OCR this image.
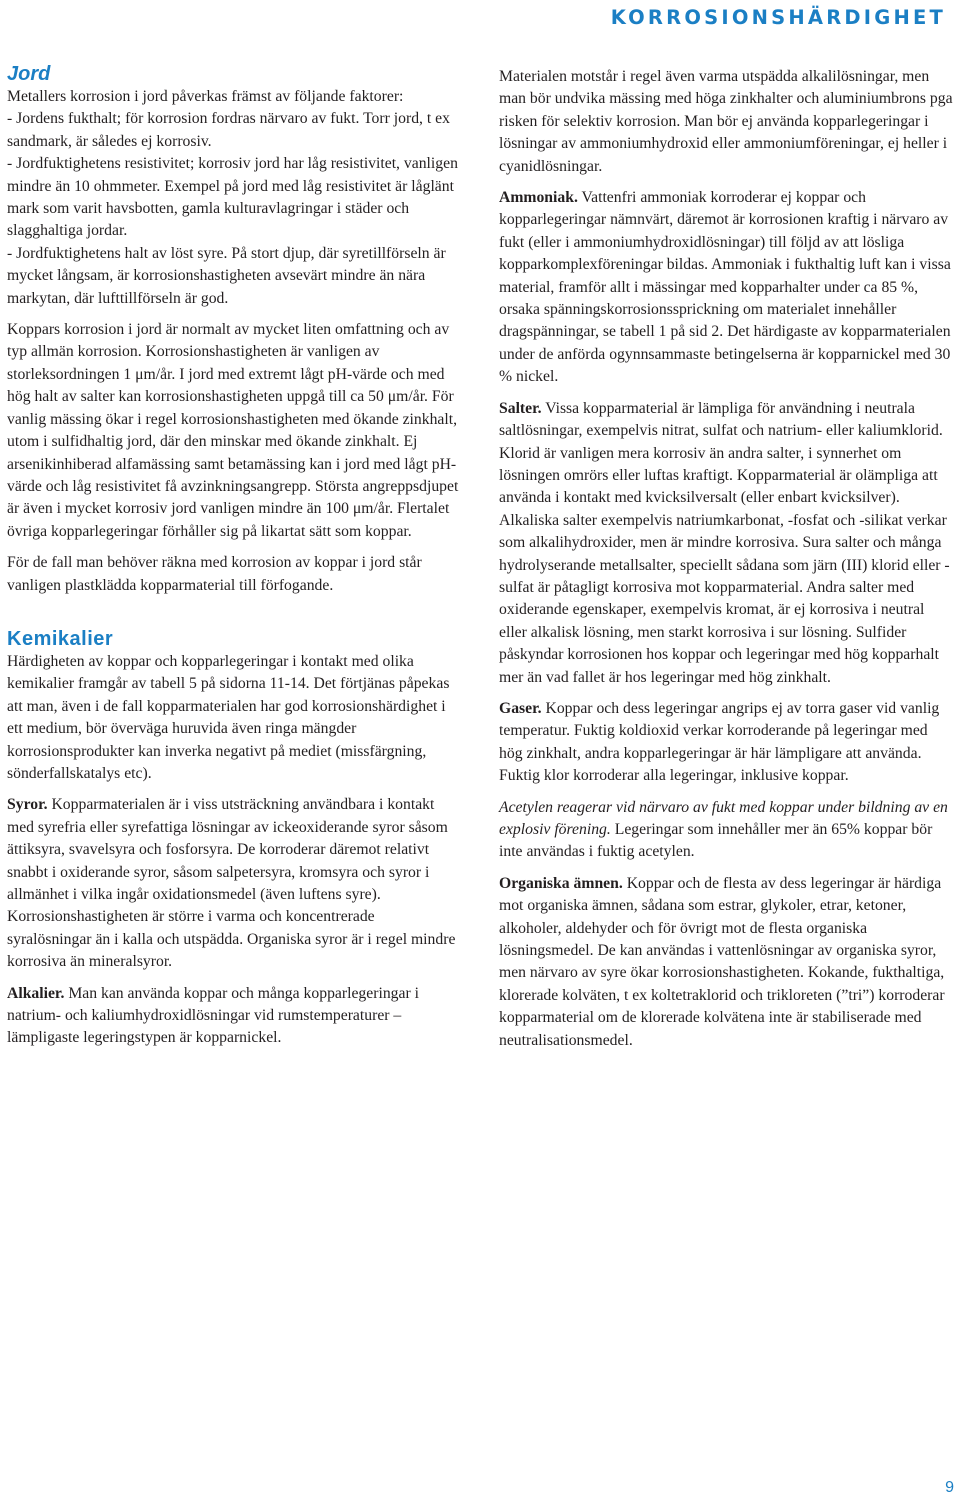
KORROSIONSHÄRDIGHET
Jord

Metallers korrosion i jord påverkas främst av följande faktorer:

- Jordens fukthalt; för korrosion fordras närvaro av fukt. Torr jord, t ex sandmark, är således ej korrosiv.

- Jordfuktighetens resistivitet; korrosiv jord har låg resistivitet, vanligen mindre än 10 ohmmeter. Exempel på jord med låg resistivitet är låglänt mark som varit havsbotten, gamla kulturavlagringar i städer och slagghaltiga jordar.

- Jordfuktighetens halt av löst syre. På stort djup, där syretillförseln är mycket långsam, är korrosionshastigheten avsevärt mindre än nära markytan, där lufttillförseln är god.

Koppars korrosion i jord är normalt av mycket liten omfattning och av typ allmän korrosion. Korrosionshastigheten är vanligen av storleksordningen 1 μm/år. I jord med extremt lågt pH-värde och med hög halt av salter kan korrosionshastigheten uppgå till ca 50 μm/år. För vanlig mässing ökar i regel korrosionshastigheten med ökande zinkhalt, utom i sulfidhaltig jord, där den minskar med ökande zinkhalt. Ej arsenikinhiberad alfamässing samt betamässing kan i jord med lågt pH-värde och låg resistivitet få avzinkningsangrepp. Största angreppsdjupet är även i mycket korrosiv jord vanligen mindre än 100 μm/år. Flertalet övriga kopparlegeringar förhåller sig på likartat sätt som koppar.

För de fall man behöver räkna med korrosion av koppar i jord står vanligen plastklädda kopparmaterial till förfogande.

Kemikalier

Härdigheten av koppar och kopparlegeringar i kontakt med olika kemikalier framgår av tabell 5 på sidorna 11-14. Det förtjänas påpekas att man, även i de fall kopparmaterialen har god korrosionshärdighet i ett medium, bör överväga huruvida även ringa mängder korrosionsprodukter kan inverka negativt på mediet (missfärgning, sönderfallskatalys etc).

Syror. Kopparmaterialen är i viss utsträckning användbara i kontakt med syrefria eller syrefattiga lösningar av ickeoxiderande syror såsom ättiksyra, svavelsyra och fosforsyra. De korroderar däremot relativt snabbt i oxiderande syror, såsom salpetersyra, kromsyra och syror i allmänhet i vilka ingår oxidationsmedel (även luftens syre). Korrosionshastigheten är större i varma och koncentrerade syralösningar än i kalla och utspädda. Organiska syror är i regel mindre korrosiva än mineralsyror.

Alkalier. Man kan använda koppar och många kopparlegeringar i natrium- och kaliumhydroxidlösningar vid rumstemperaturer – lämpligaste legeringstypen är kopparnickel.

Materialen motstår i regel även varma utspädda alkalilösningar, men man bör undvika mässing med höga zinkhalter och aluminiumbrons pga risken för selektiv korrosion. Man bör ej använda kopparlegeringar i lösningar av ammoniumhydroxid eller ammoniumföreningar, ej heller i cyanidlösningar.

Ammoniak. Vattenfri ammoniak korroderar ej koppar och kopparlegeringar nämnvärt, däremot är korrosionen kraftig i närvaro av fukt (eller i ammoniumhydroxidlösningar) till följd av att lösliga kopparkomplexföreningar bildas. Ammoniak i fukthaltig luft kan i vissa material, framför allt i mässingar med kopparhalter under ca 85 %, orsaka spänningskorrosionssprickning om materialet innehåller dragspänningar, se tabell 1 på sid 2. Det härdigaste av kopparmaterialen under de anförda ogynnsammaste betingelserna är kopparnickel med 30 % nickel.

Salter. Vissa kopparmaterial är lämpliga för användning i neutrala saltlösningar, exempelvis nitrat, sulfat och natrium- eller kaliumklorid. Klorid är vanligen mera korrosiv än andra salter, i synnerhet om lösningen omrörs eller luftas kraftigt. Kopparmaterial är olämpliga att använda i kontakt med kvicksilversalt (eller enbart kvicksilver). Alkaliska salter exempelvis natriumkarbonat, -fosfat och -silikat verkar som alkalihydroxider, men är mindre korrosiva. Sura salter och många hydrolyserande metallsalter, speciellt sådana som järn (III) klorid eller -sulfat är påtagligt korrosiva mot kopparmaterial. Andra salter med oxiderande egenskaper, exempelvis kromat, är ej korrosiva i neutral eller alkalisk lösning, men starkt korrosiva i sur lösning. Sulfider påskyndar korrosionen hos koppar och legeringar med hög kopparhalt mer än vad fallet är hos legeringar med hög zinkhalt.

Gaser. Koppar och dess legeringar angrips ej av torra gaser vid vanlig temperatur. Fuktig koldioxid verkar korroderande på legeringar med hög zinkhalt, andra kopparlegeringar är här lämpligare att använda. Fuktig klor korroderar alla legeringar, inklusive koppar.

Acetylen reagerar vid närvaro av fukt med koppar under bildning av en explosiv förening. Legeringar som innehåller mer än 65% koppar bör inte användas i fuktig acetylen.

Organiska ämnen. Koppar och de flesta av dess legeringar är härdiga mot organiska ämnen, sådana som estrar, glykoler, etrar, ketoner, alkoholer, aldehyder och för övrigt mot de flesta organiska lösningsmedel. De kan användas i vattenlösningar av organiska syror, men närvaro av syre ökar korrosionshastigheten. Kokande, fukthaltiga, klorerade kolväten, t ex koltetraklorid och trikloreten (”tri”) korroderar kopparmaterial om de klorerade kolvätena inte är stabiliserade med neutralisationsmedel.

9
